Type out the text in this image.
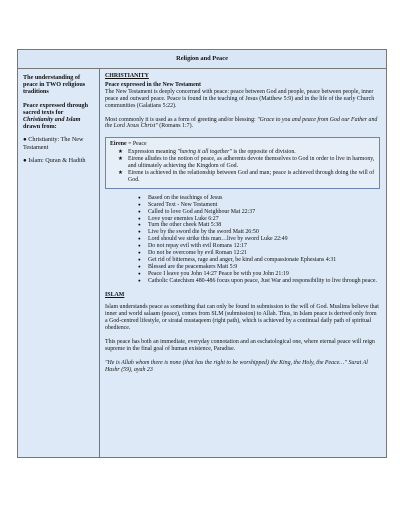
Religion and Peace

The understanding of peace in TWO religious traditions

Peace expressed through sacred texts for Christianity and Islam drawn from:

● Christianity: The New Testament

● Islam: Quran & Hadith

CHRISTIANITY

Peace expressed in the New Testament

The New Testament is deeply concerned with peace: peace between God and people, peace between people, inner peace and outward peace. Peace is found in the teaching of Jesus (Matthew 5:9) and in the life of the early Church communities (Galatians 5:22).

Most commonly it is used as a form of greeting and/or blessing: "Grace to you and peace from God our Father and the Lord Jesus Christ" (Romans 1:7).

Eirene = Peace

★ Expression meaning "having it all together" is the opposite of division.
★ Eirene alludes to the notion of peace, as adherents devote themselves to God in order to live in harmony, and ultimately achieving the Kingdom of God.
★ Eirene is achieved in the relationship between God and man; peace is achieved through doing the will of God.
● Based on the teachings of Jesus
● Scared Text - New Testament
● Called to love God and Neighbour Mat 22:37
● Love your enemies Luke 6:27
● Turn the other cheek Matt 5:38
● Live by the sword die by the sword Matt 26:50
● Lord should we strike this man…live by sword Luke 22:49
● Do not repay evil with evil Romans 12:17
● Do not be overcome by evil Roman 12:21
● Get rid of bitterness, rage and anger, be kind and compassionate Ephesians 4:31
● Blessed are the peacemakers Matt 5:9
● Peace I leave you John 14:27 Peace be with you John 21:19
● Catholic Catechism 480-486 focus upon peace, Just War and responsibility to live through peace.
ISLAM

Islam understands peace as something that can only be found in submission to the will of God. Muslims believe that inner and world salaam (peace), comes from SLM (submission) to Allah. Thus, in Islam peace is derived only from a God-centred lifestyle, or siratal mustaqeem (right path), which is achieved by a continual daily path of spiritual obedience.

This peace has both an immediate, everyday connotation and an eschatological one, where eternal peace will reign supreme in the final goal of human existence, Paradise.

"He is Allah whom there is none (that has the right to be worshipped) the King, the Holy, the Peace…" Surat Al Hashr (59), ayah 23
